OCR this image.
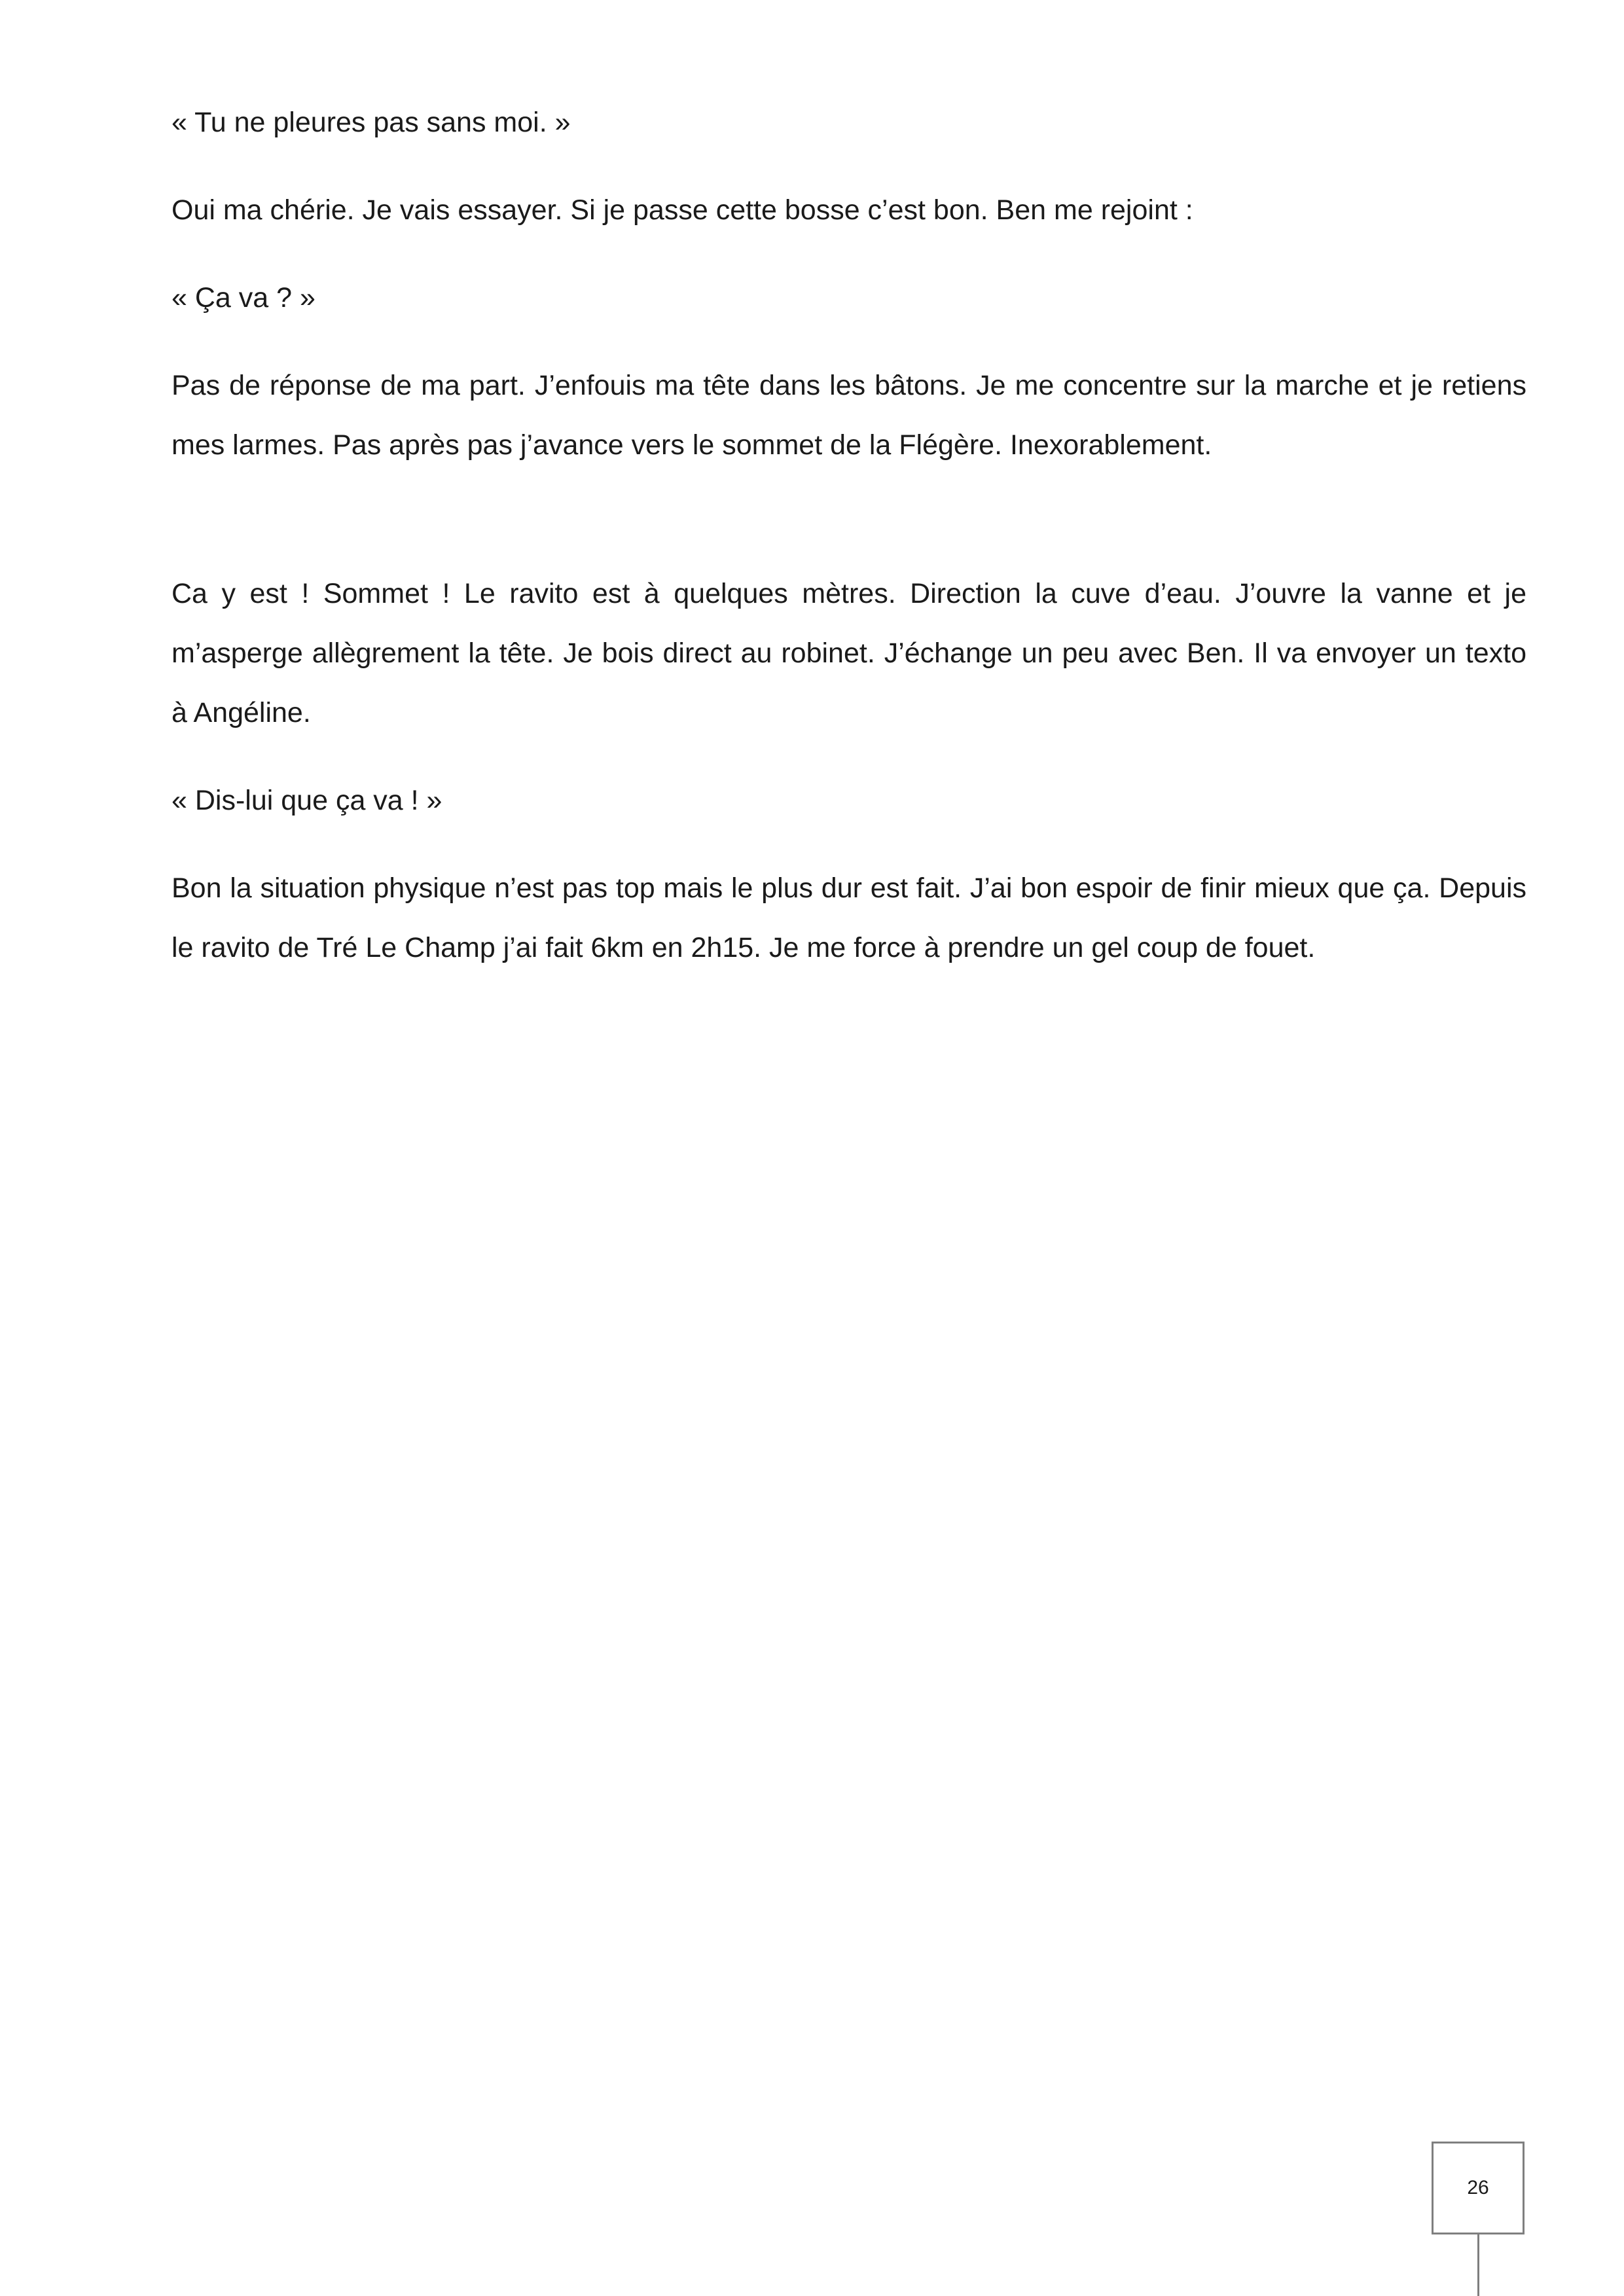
« Tu ne pleures pas sans moi. »

Oui ma chérie. Je vais essayer. Si je passe cette bosse c’est bon. Ben me rejoint :

« Ça va ? »

Pas de réponse de ma part. J’enfouis ma tête dans les bâtons. Je me concentre sur la marche et je retiens mes larmes. Pas après pas j’avance vers le sommet de la Flégère. Inexorablement.

Ca y est ! Sommet ! Le ravito est à quelques mètres. Direction la cuve d’eau. J’ouvre la vanne et je m’asperge allègrement la tête. Je bois direct au robinet. J’échange un peu avec Ben. Il va envoyer un texto à Angéline.

« Dis-lui que ça va ! »

Bon la situation physique n’est pas top mais le plus dur est fait. J’ai bon espoir de finir mieux que ça. Depuis le ravito de Tré Le Champ j’ai fait 6km en 2h15. Je me force à prendre un gel coup de fouet.

26
